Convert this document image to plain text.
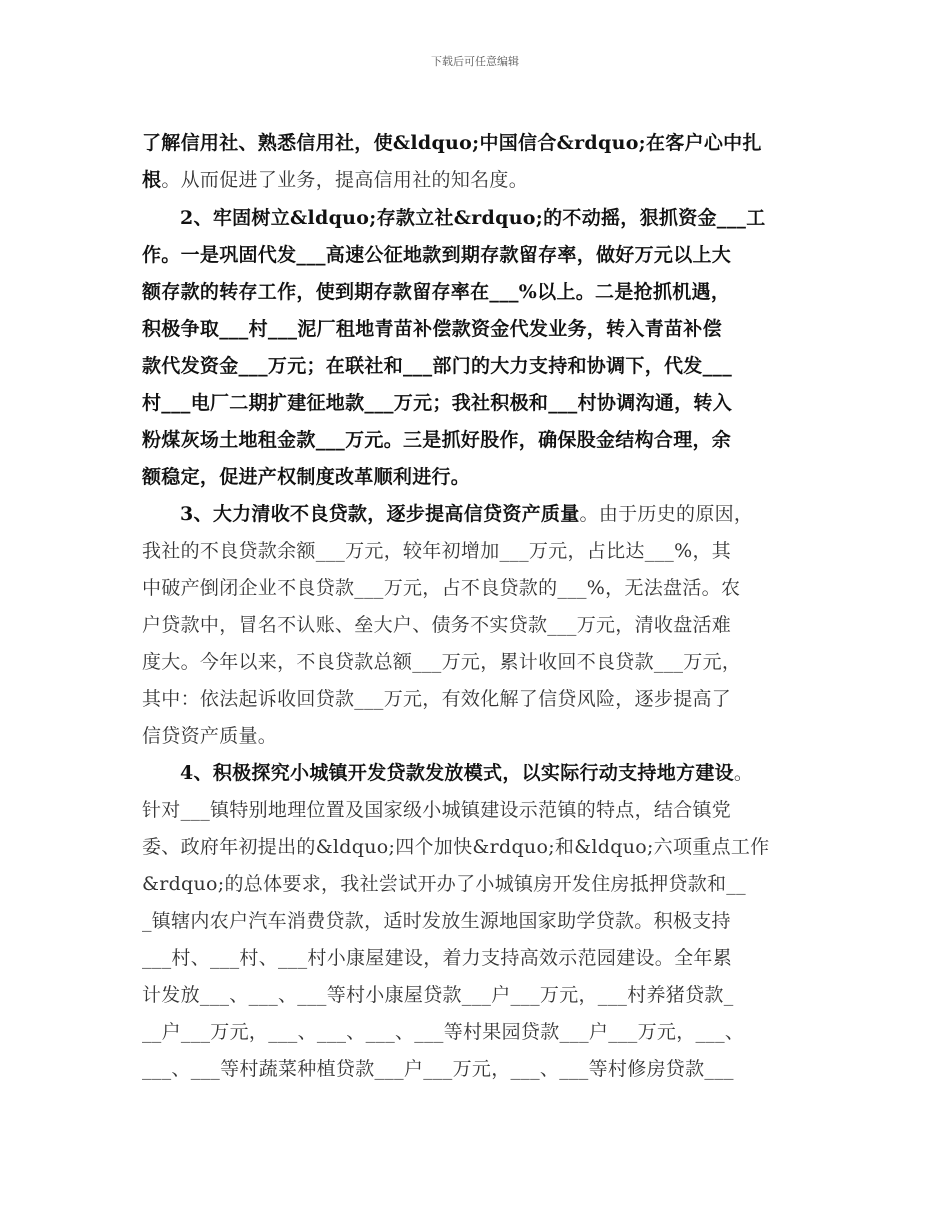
下载后可任意编辑
了解信用社、熟悉信用社，使&ldquo;中国信合&rdquo;在客户心中扎
根。从而促进了业务，提高信用社的知名度。
2、牢固树立&ldquo;存款立社&rdquo;的不动摇，狠抓资金___工
作。一是巩固代发___高速公征地款到期存款留存率，做好万元以上大
额存款的转存工作，使到期存款留存率在___%以上。二是抢抓机遇，
积极争取___村___泥厂租地青苗补偿款资金代发业务，转入青苗补偿
款代发资金___万元；在联社和___部门的大力支持和协调下，代发___
村___电厂二期扩建征地款___万元；我社积极和___村协调沟通，转入
粉煤灰场土地租金款___万元。三是抓好股作，确保股金结构合理，余
额稳定，促进产权制度改革顺利进行。
3、大力清收不良贷款，逐步提高信贷资产质量。由于历史的原因，
我社的不良贷款余额___万元，较年初增加___万元，占比达___%，其
中破产倒闭企业不良贷款___万元，占不良贷款的___%，无法盘活。农
户贷款中，冒名不认账、垒大户、债务不实贷款___万元，清收盘活难
度大。今年以来，不良贷款总额___万元，累计收回不良贷款___万元，
其中：依法起诉收回贷款___万元，有效化解了信贷风险，逐步提高了
信贷资产质量。
4、积极探究小城镇开发贷款发放模式，以实际行动支持地方建设。
针对___镇特别地理位置及国家级小城镇建设示范镇的特点，结合镇党
委、政府年初提出的&ldquo;四个加快&rdquo;和&ldquo;六项重点工作
&rdquo;的总体要求，我社尝试开办了小城镇房开发住房抵押贷款和__
_镇辖内农户汽车消费贷款，适时发放生源地国家助学贷款。积极支持
___村、___村、___村小康屋建设，着力支持高效示范园建设。全年累
计发放___、___、___等村小康屋贷款___户___万元，___村养猪贷款_
__户___万元，___、___、___、___等村果园贷款___户___万元，___、
___、___等村蔬菜种植贷款___户___万元，___、___等村修房贷款___
